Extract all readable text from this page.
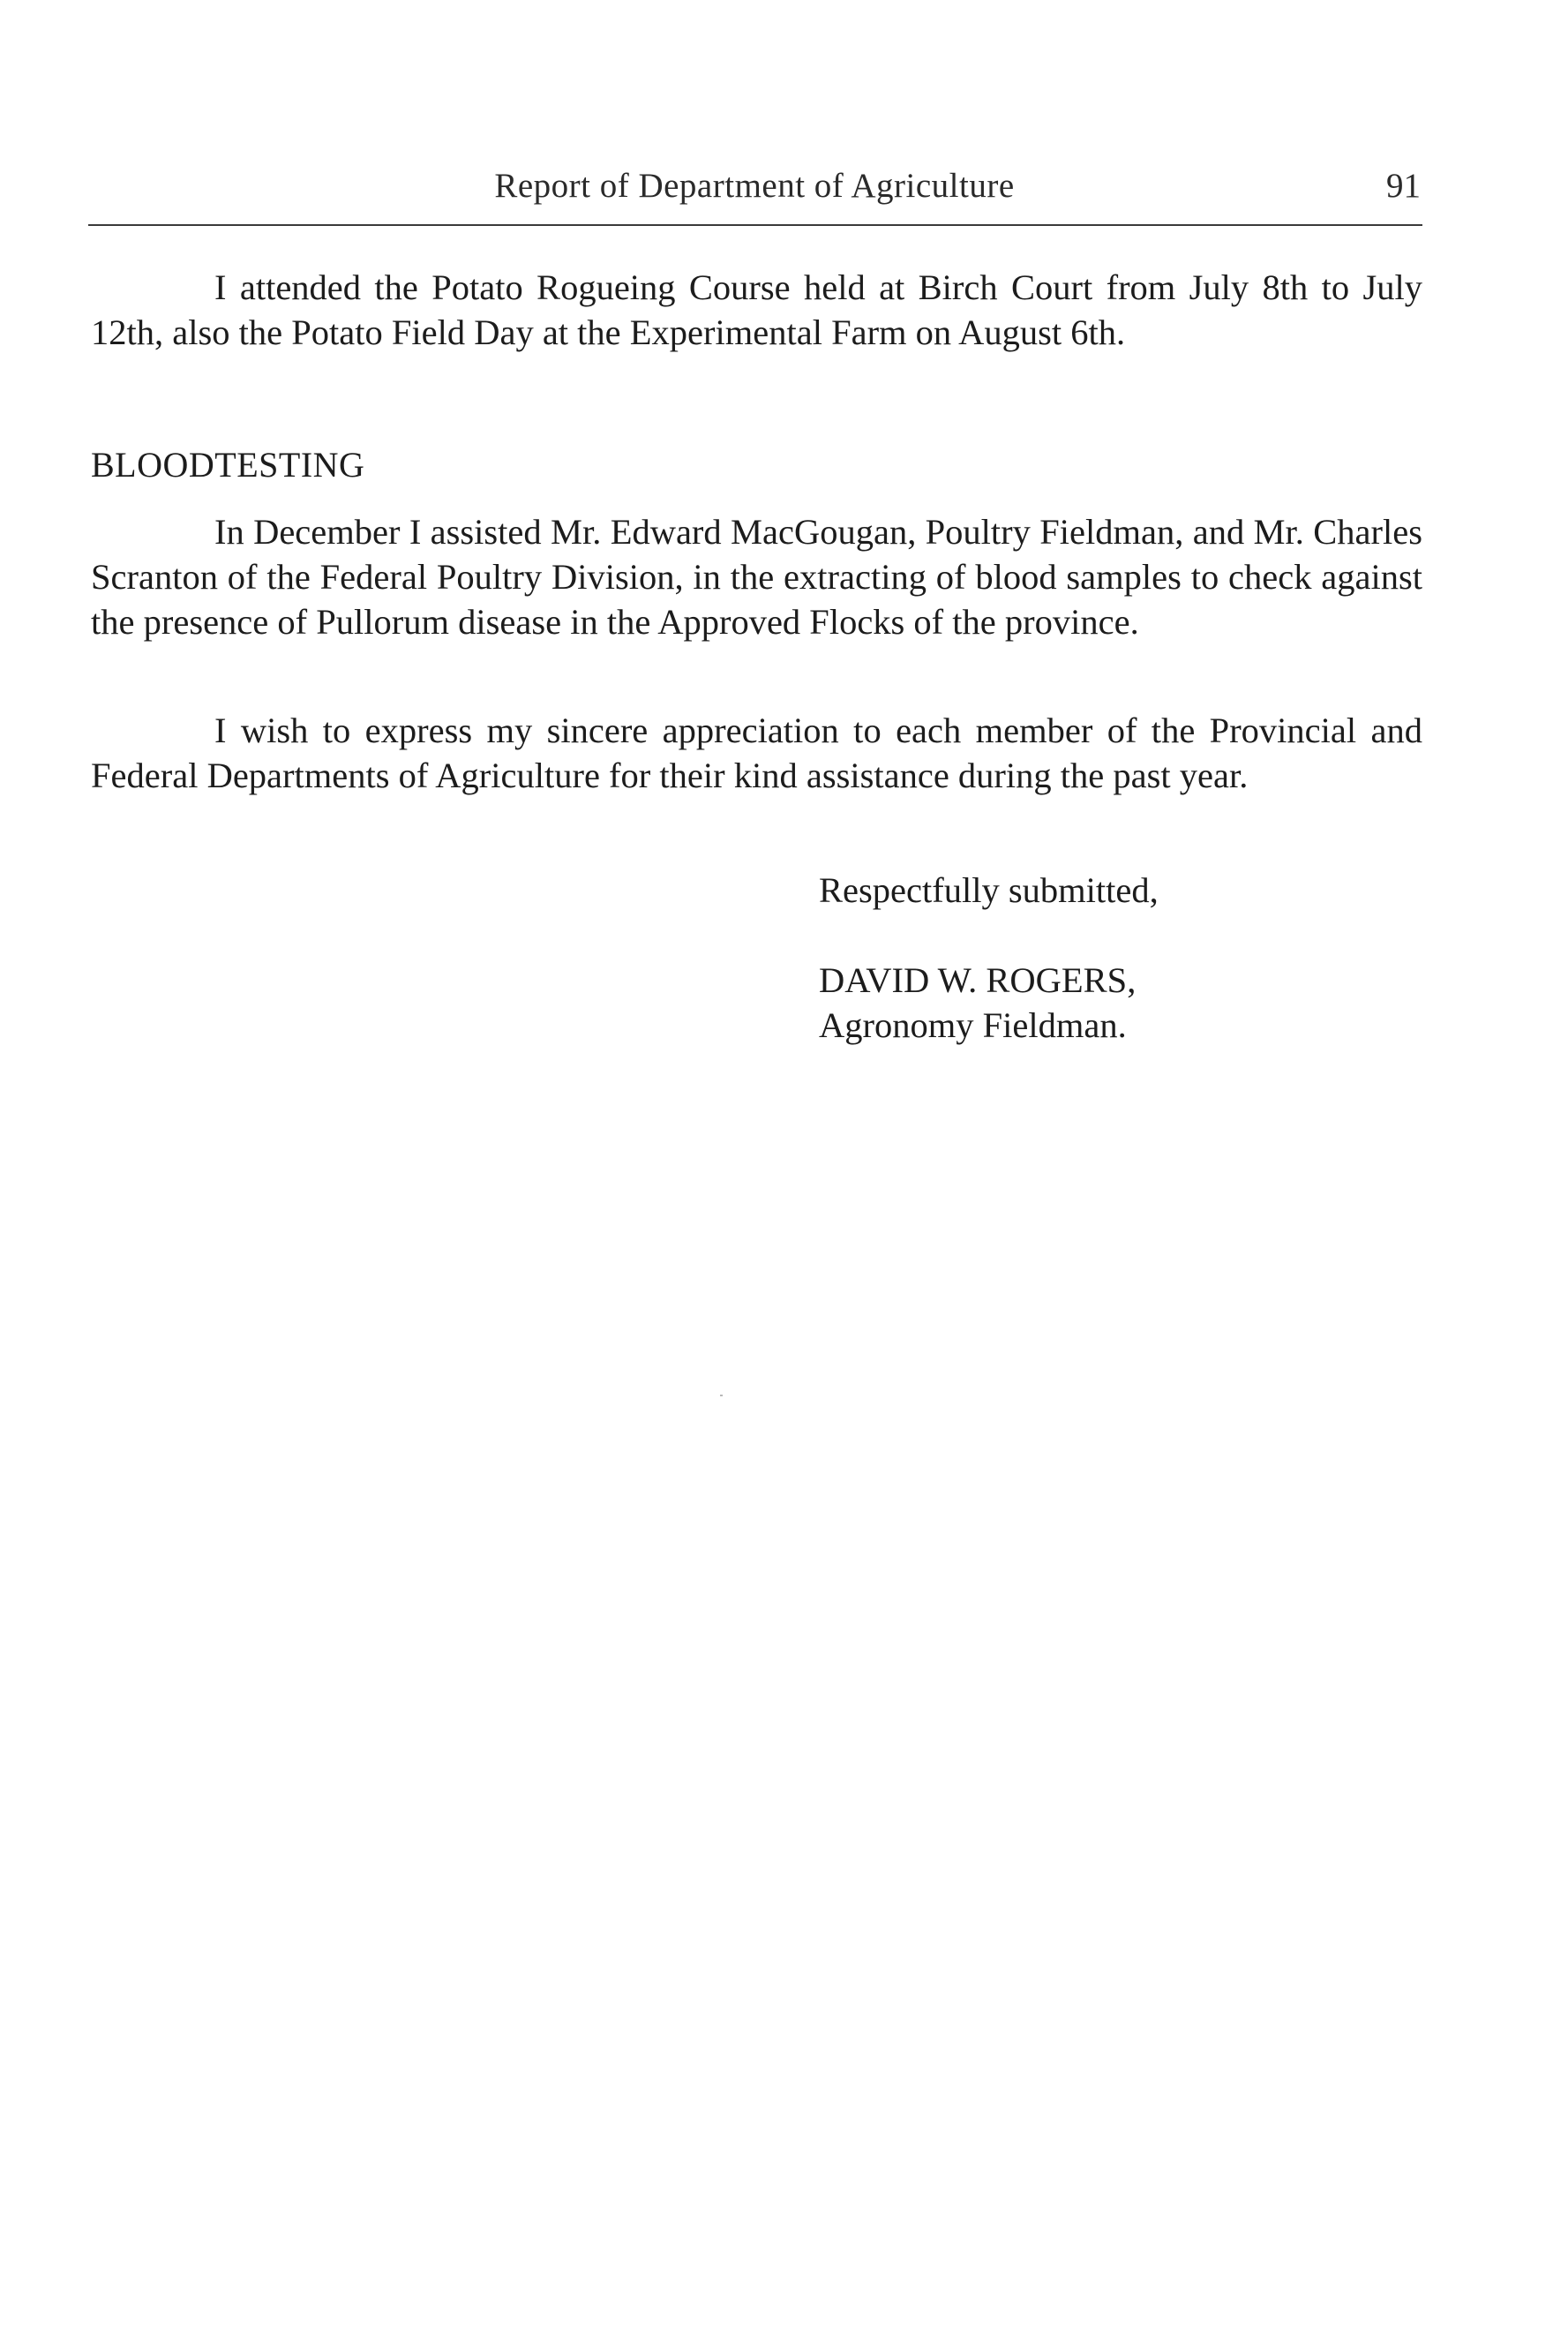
Report of Department of Agriculture	91

I attended the Potato Rogueing Course held at Birch Court from July 8th to July 12th, also the Potato Field Day at the Experimental Farm on August 6th.

BLOODTESTING

In December I assisted Mr. Edward MacGougan, Poultry Fieldman, and Mr. Charles Scranton of the Federal Poultry Division, in the extracting of blood samples to check against the presence of Pullorum disease in the Approved Flocks of the province.

I wish to express my sincere appreciation to each member of the Provincial and Federal Departments of Agriculture for their kind assistance during the past year.

Respectfully submitted,

DAVID W. ROGERS,
Agronomy Fieldman.
